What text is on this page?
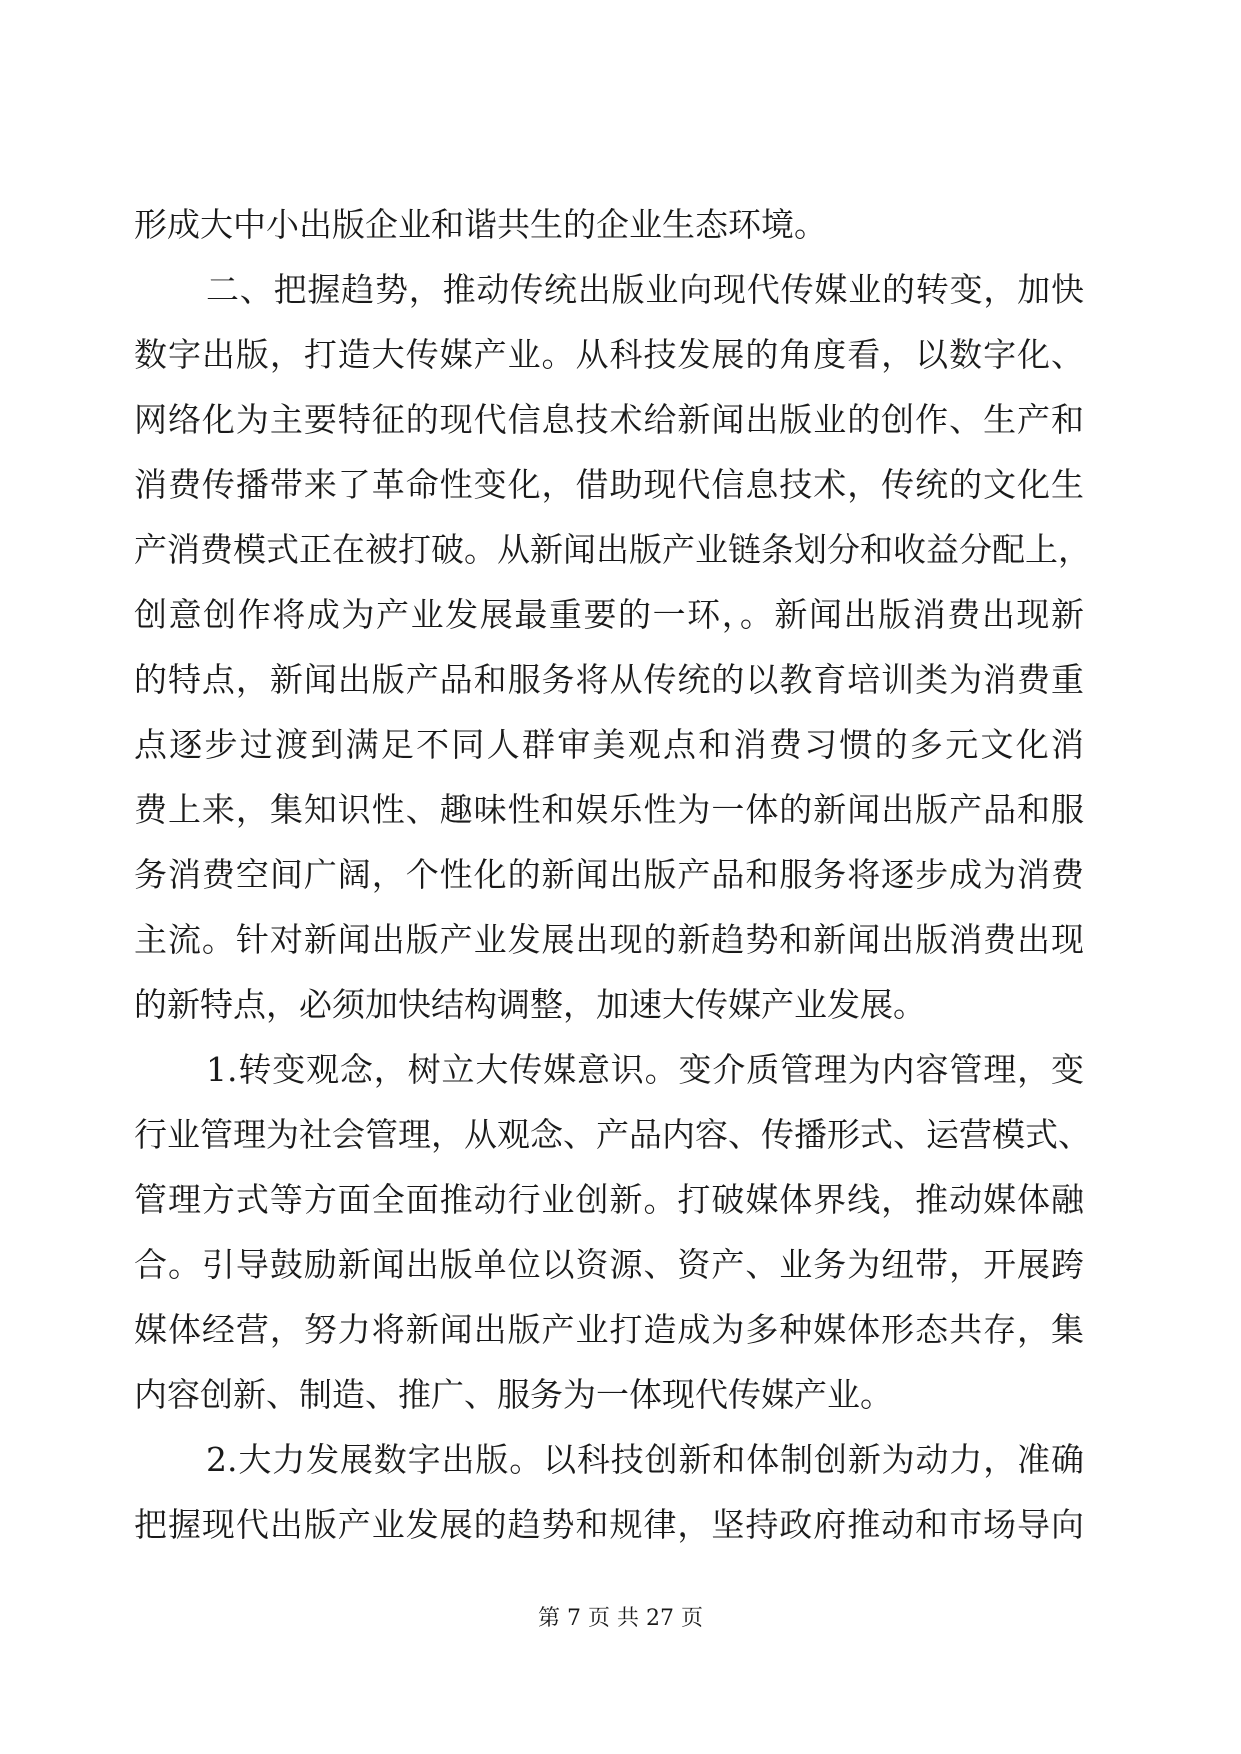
形成大中小出版企业和谐共生的企业生态环境。
二、把握趋势，推动传统出版业向现代传媒业的转变，加快
数字出版，打造大传媒产业。从科技发展的角度看，以数字化、
网络化为主要特征的现代信息技术给新闻出版业的创作、生产和
消费传播带来了革命性变化，借助现代信息技术，传统的文化生
产消费模式正在被打破。从新闻出版产业链条划分和收益分配上，
创意创作将成为产业发展最重要的一环，。新闻出版消费出现新
的特点，新闻出版产品和服务将从传统的以教育培训类为消费重
点逐步过渡到满足不同人群审美观点和消费习惯的多元文化消
费上来，集知识性、趣味性和娱乐性为一体的新闻出版产品和服
务消费空间广阔，个性化的新闻出版产品和服务将逐步成为消费
主流。针对新闻出版产业发展出现的新趋势和新闻出版消费出现
的新特点，必须加快结构调整，加速大传媒产业发展。
1.转变观念，树立大传媒意识。变介质管理为内容管理，变
行业管理为社会管理，从观念、产品内容、传播形式、运营模式、
管理方式等方面全面推动行业创新。打破媒体界线，推动媒体融
合。引导鼓励新闻出版单位以资源、资产、业务为纽带，开展跨
媒体经营，努力将新闻出版产业打造成为多种媒体形态共存，集
内容创新、制造、推广、服务为一体现代传媒产业。
2.大力发展数字出版。以科技创新和体制创新为动力，准确
把握现代出版产业发展的趋势和规律，坚持政府推动和市场导向
第 7 页 共 27 页
